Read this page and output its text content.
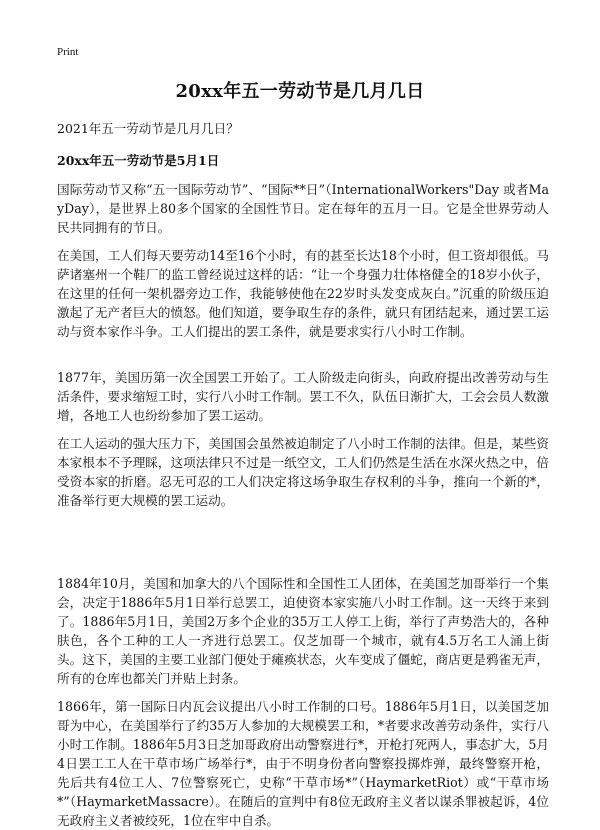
Print
20xx年五一劳动节是几月几日
2021年五一劳动节是几月几日？
20xx年五一劳动节是5月1日
国际劳动节又称“五一国际劳动节”、“国际**日”（InternationalWorkers"Day 或者MayDay），是世界上80多个国家的全国性节日。定在每年的五月一日。它是全世界劳动人民共同拥有的节日。
在美国，工人们每天要劳动14至16个小时，有的甚至长达18个小时，但工资却很低。马萨诸塞州一个鞋厂的监工曾经说过这样的话：“让一个身强力壮体格健全的18岁小伙子，在这里的任何一架机器旁边工作，我能够使他在22岁时头发变成灰白。”沉重的阶级压迫激起了无产者巨大的愤怒。他们知道，要争取生存的条件，就只有团结起来，通过罢工运动与资本家作斗争。工人们提出的罢工条件，就是要求实行八小时工作制。
1877年，美国历第一次全国罢工开始了。工人阶级走向街头，向政府提出改善劳动与生活条件，要求缩短工时，实行八小时工作制。罢工不久，队伍日渐扩大，工会会员人数激增，各地工人也纷纷参加了罢工运动。
在工人运动的强大压力下，美国国会虽然被迫制定了八小时工作制的法律。但是，某些资本家根本不予理睬，这项法律只不过是一纸空文，工人们仍然是生活在水深火热之中，倍受资本家的折磨。忍无可忍的工人们决定将这场争取生存权利的斗争，推向一个新的*，准备举行更大规模的罢工运动。
1884年10月，美国和加拿大的八个国际性和全国性工人团体，在美国芝加哥举行一个集会，决定于1886年5月1日举行总罢工，迫使资本家实施八小时工作制。这一天终于来到了。1886年5月1日，美国2万多个企业的35万工人停工上街，举行了声势浩大的，各种肤色，各个工种的工人一齐进行总罢工。仅芝加哥一个城市，就有4.5万名工人涌上街头。这下，美国的主要工业部门便处于瘫痪状态，火车变成了僵蛇，商店更是鸦雀无声，所有的仓库也都关门并贴上封条。
1866年，第一国际日内瓦会议提出八小时工作制的口号。1886年5月1日，以美国芝加哥为中心，在美国举行了约35万人参加的大规模罢工和，*者要求改善劳动条件，实行八小时工作制。1886年5月3日芝加哥政府出动警察进行*，开枪打死两人，事态扩大，5月4日罢工工人在干草市场广场举行*，由于不明身份者向警察投掷炸弹，最终警察开枪，先后共有4位工人、7位警察死亡，史称“干草市场*”（HaymarketRiot）或“干草市场*”（HaymarketMassacre）。在随后的宣判中有8位无政府主义者以谋杀罪被起诉，4位无政府主义者被绞死，1位在牢中自杀。
